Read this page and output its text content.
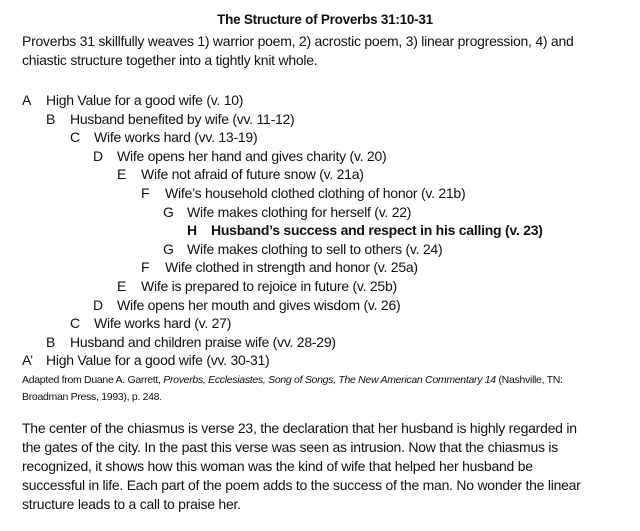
The Structure of Proverbs 31:10-31
Proverbs 31 skillfully weaves 1) warrior poem, 2) acrostic poem, 3) linear progression, 4) and
chiastic structure together into a tightly knit whole.
A High Value for a good wife (v. 10)
B Husband benefited by wife (vv. 11-12)
C Wife works hard (vv. 13-19)
D Wife opens her hand and gives charity (v. 20)
E Wife not afraid of future snow (v. 21a)
F Wife’s household clothed clothing of honor (v. 21b)
G Wife makes clothing for herself (v. 22)
H Husband’s success and respect in his calling (v. 23)
G Wife makes clothing to sell to others (v. 24)
F Wife clothed in strength and honor (v. 25a)
E Wife is prepared to rejoice in future (v. 25b)
D Wife opens her mouth and gives wisdom (v. 26)
C Wife works hard (v. 27)
B Husband and children praise wife (vv. 28-29)
A’ High Value for a good wife (vv. 30-31)
Adapted from Duane A. Garrett, Proverbs, Ecclesiastes, Song of Songs, The New American Commentary 14 (Nashville, TN:
Broadman Press, 1993), p. 248.
The center of the chiasmus is verse 23, the declaration that her husband is highly regarded in
the gates of the city. In the past this verse was seen as intrusion. Now that the chiasmus is
recognized, it shows how this woman was the kind of wife that helped her husband be
successful in life. Each part of the poem adds to the success of the man. No wonder the linear
structure leads to a call to praise her.
